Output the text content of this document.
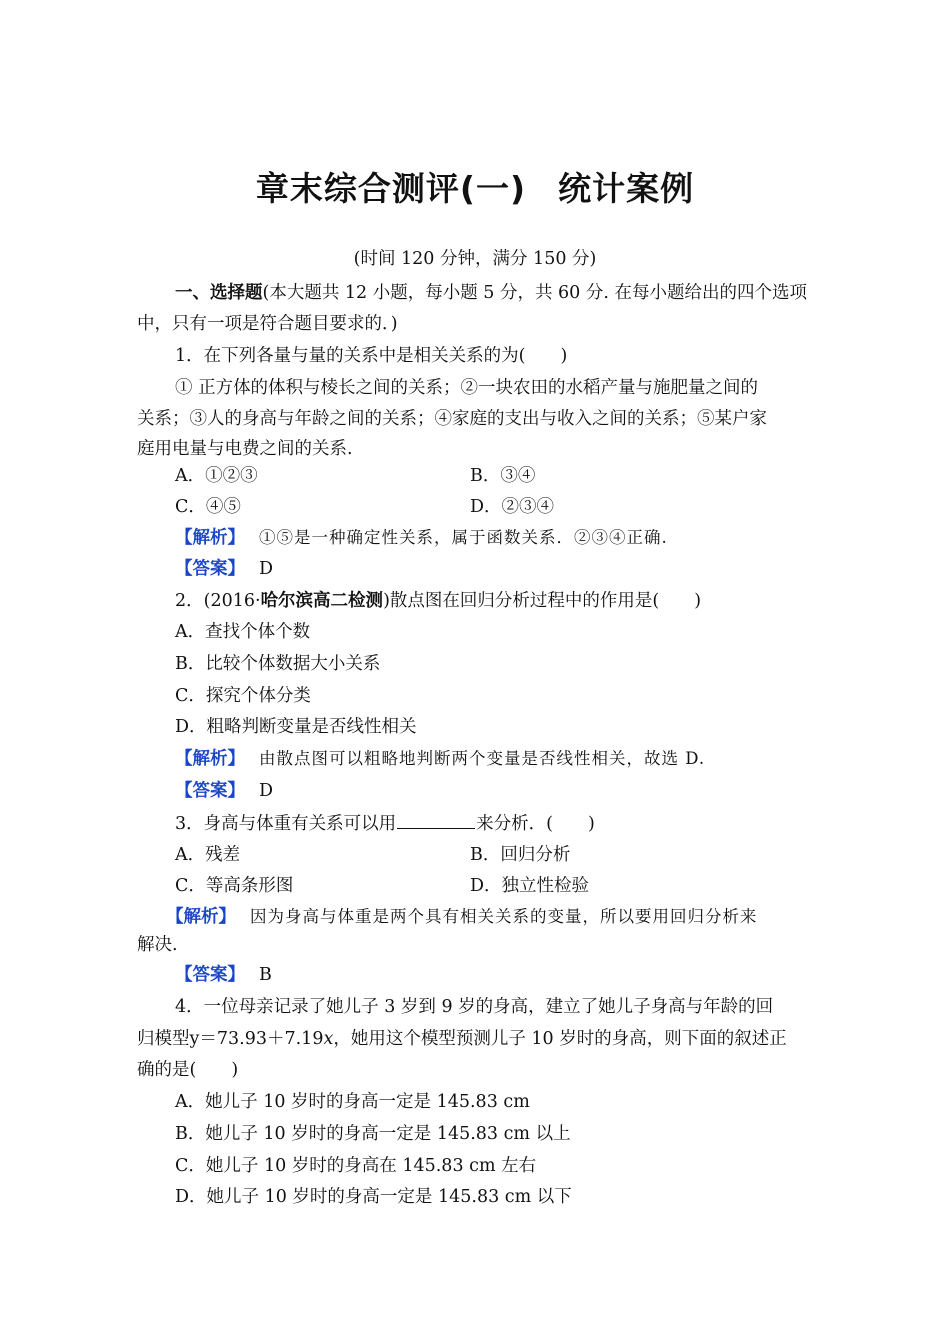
章末综合测评(一) 统计案例
(时间 120 分钟，满分 150 分)
一、选择题(本大题共 12 小题，每小题 5 分，共 60 分. 在每小题给出的四个选项
中，只有一项是符合题目要求的．)
1．在下列各量与量的关系中是相关关系的为(　　)
① 正方体的体积与棱长之间的关系；②一块农田的水稻产量与施肥量之间的
关系；③人的身高与年龄之间的关系；④家庭的支出与收入之间的关系；⑤某户家
庭用电量与电费之间的关系.
A．①②③	B．③④
C．④⑤	D．②③④
【解析】 ①⑤是一种确定性关系，属于函数关系．②③④正确.
【答案】 D
2．(2016·哈尔滨高二检测)散点图在回归分析过程中的作用是(　　)
A．查找个体个数
B．比较个体数据大小关系
C．探究个体分类
D．粗略判断变量是否线性相关
【解析】 由散点图可以粗略地判断两个变量是否线性相关，故选 D.
【答案】 D
3．身高与体重有关系可以用	来分析．(　　)
A．残差	B．回归分析
C．等高条形图	D．独立性检验
【解析】 因为身高与体重是两个具有相关关系的变量，所以要用回归分析来
解决.
【答案】 B
4．一位母亲记录了她儿子 3 岁到 9 岁的身高，建立了她儿子身高与年龄的回
归模型y＝73.93＋7.19x，她用这个模型预测儿子 10 岁时的身高，则下面的叙述正
确的是(　　)
A．她儿子 10 岁时的身高一定是 145.83 cm
B．她儿子 10 岁时的身高一定是 145.83 cm 以上
C．她儿子 10 岁时的身高在 145.83 cm 左右
D．她儿子 10 岁时的身高一定是 145.83 cm 以下
